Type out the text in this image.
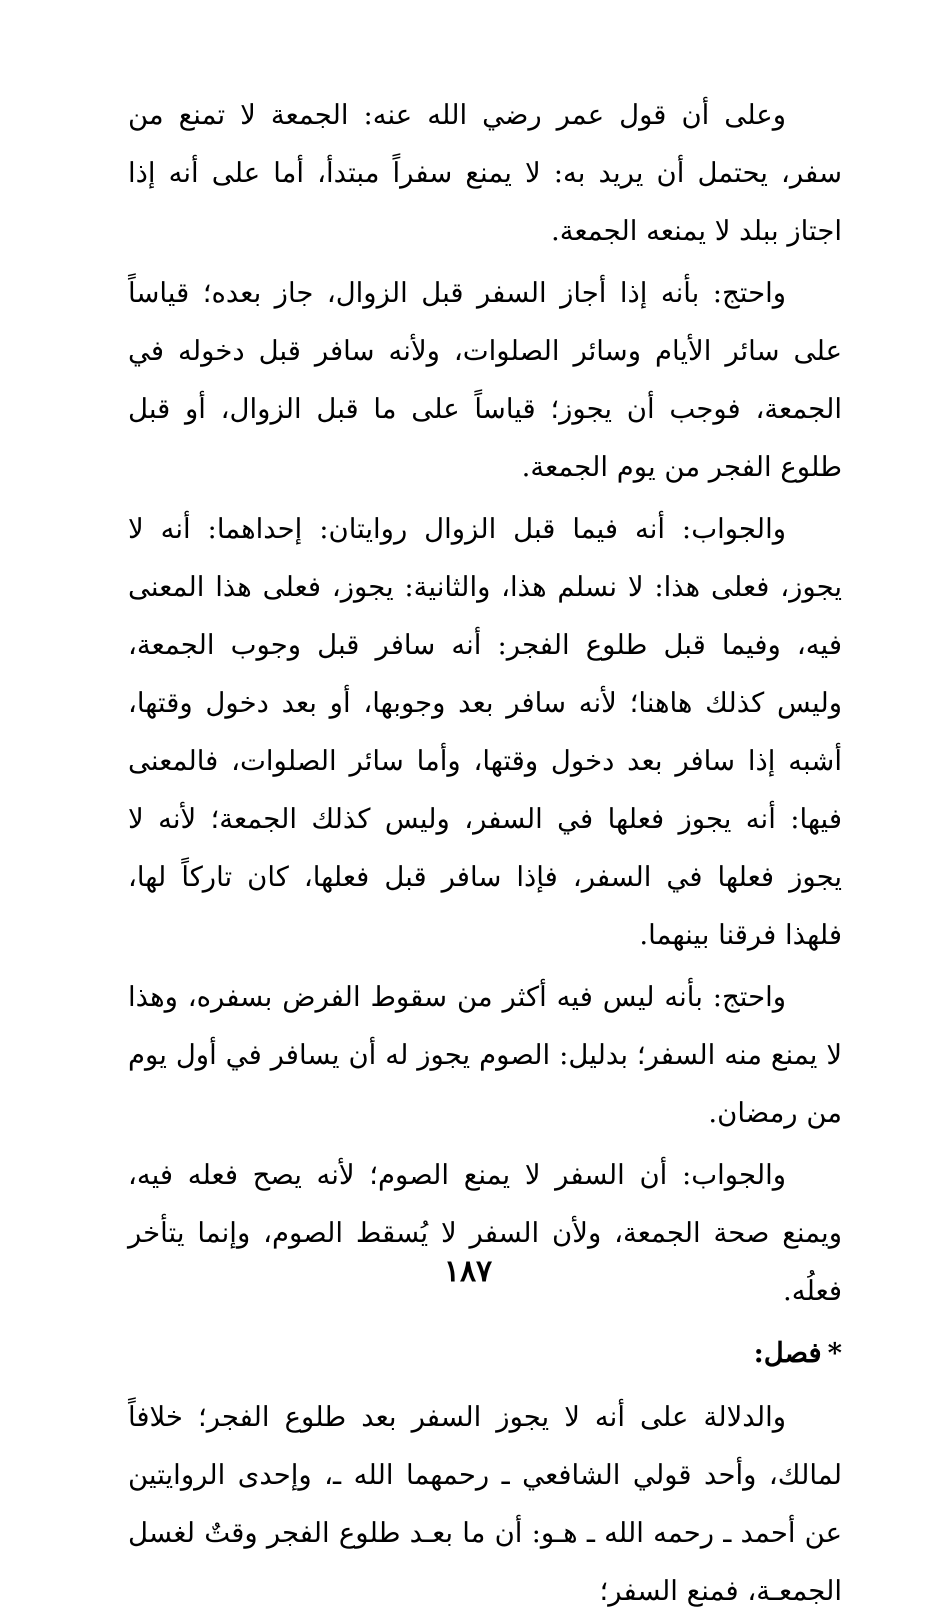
وعلى أن قول عمر رضي الله عنه: الجمعة لا تمنع من سفر، يحتمل أن يريد به: لا يمنع سفراً مبتدأ، أما على أنه إذا اجتاز ببلد لا يمنعه الجمعة.

واحتج: بأنه إذا أجاز السفر قبل الزوال، جاز بعده؛ قياساً على سائر الأيام وسائر الصلوات، ولأنه سافر قبل دخوله في الجمعة، فوجب أن يجوز؛ قياساً على ما قبل الزوال، أو قبل طلوع الفجر من يوم الجمعة.

والجواب: أنه فيما قبل الزوال روايتان: إحداهما: أنه لا يجوز، فعلى هذا: لا نسلم هذا، والثانية: يجوز، فعلى هذا المعنى فيه، وفيما قبل طلوع الفجر: أنه سافر قبل وجوب الجمعة، وليس كذلك هاهنا؛ لأنه سافر بعد وجوبها، أو بعد دخول وقتها، أشبه إذا سافر بعد دخول وقتها، وأما سائر الصلوات، فالمعنى فيها: أنه يجوز فعلها في السفر، وليس كذلك الجمعة؛ لأنه لا يجوز فعلها في السفر، فإذا سافر قبل فعلها، كان تاركاً لها، فلهذا فرقنا بينهما.

واحتج: بأنه ليس فيه أكثر من سقوط الفرض بسفره، وهذا لا يمنع منه السفر؛ بدليل: الصوم يجوز له أن يسافر في أول يوم من رمضان.

والجواب: أن السفر لا يمنع الصوم؛ لأنه يصح فعله فيه، ويمنع صحة الجمعة، ولأن السفر لا يُسقط الصوم، وإنما يتأخر فعلُه.

*فصل:

والدلالة على أنه لا يجوز السفر بعد طلوع الفجر؛ خلافاً لمالك، وأحد قولي الشافعي ـ رحمهما الله ـ، وإحدى الروايتين عن أحمد ـ رحمه الله ـ هـو: أن ما بعـد طلوع الفجر وقتٌ لغسل الجمعـة، فمنع السفر؛

١٨٧
